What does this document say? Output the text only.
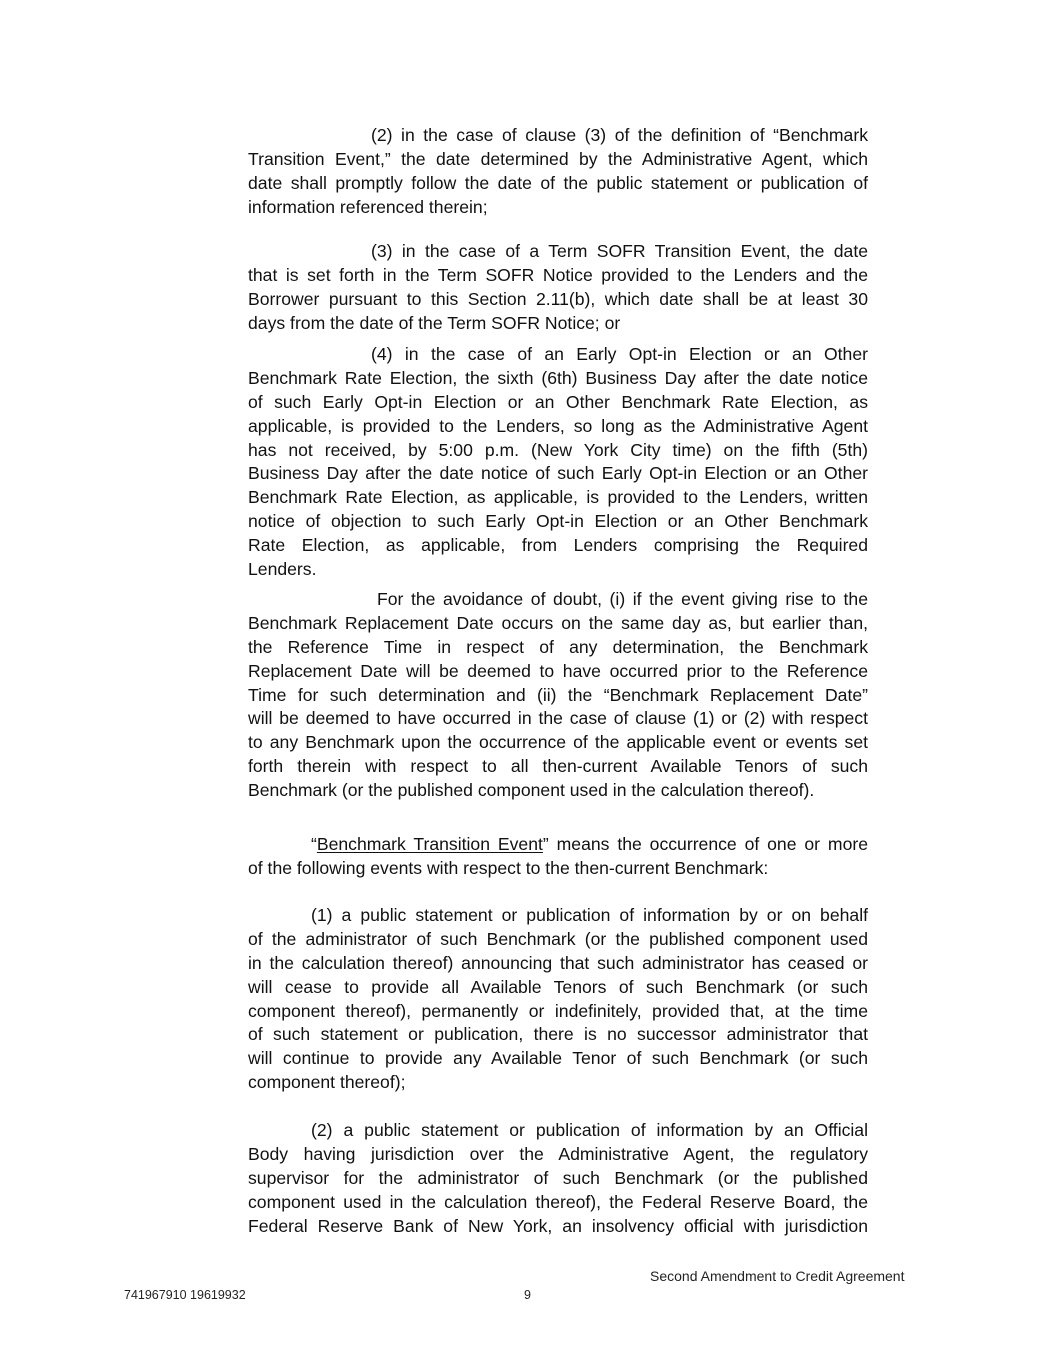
(2) in the case of clause (3) of the definition of “Benchmark
Transition Event,” the date determined by the Administrative Agent, which
date shall promptly follow the date of the public statement or publication of
information referenced therein;
(3) in the case of a Term SOFR Transition Event, the date
that is set forth in the Term SOFR Notice provided to the Lenders and the
Borrower pursuant to this Section 2.11(b), which date shall be at least 30
days from the date of the Term SOFR Notice; or
(4) in the case of an Early Opt-in Election or an Other
Benchmark Rate Election, the sixth (6th) Business Day after the date notice
of such Early Opt-in Election or an Other Benchmark Rate Election, as
applicable, is provided to the Lenders, so long as the Administrative Agent
has not received, by 5:00 p.m. (New York City time) on the fifth (5th)
Business Day after the date notice of such Early Opt-in Election or an Other
Benchmark Rate Election, as applicable, is provided to the Lenders, written
notice of objection to such Early Opt-in Election or an Other Benchmark
Rate Election, as applicable, from Lenders comprising the Required
Lenders.
For the avoidance of doubt, (i) if the event giving rise to the
Benchmark Replacement Date occurs on the same day as, but earlier than,
the Reference Time in respect of any determination, the Benchmark
Replacement Date will be deemed to have occurred prior to the Reference
Time for such determination and (ii) the “Benchmark Replacement Date”
will be deemed to have occurred in the case of clause (1) or (2) with respect
to any Benchmark upon the occurrence of the applicable event or events set
forth therein with respect to all then-current Available Tenors of such
Benchmark (or the published component used in the calculation thereof).
“Benchmark Transition Event” means the occurrence of one or more
of the following events with respect to the then-current Benchmark:
(1) a public statement or publication of information by or on behalf
of the administrator of such Benchmark (or the published component used
in the calculation thereof) announcing that such administrator has ceased or
will cease to provide all Available Tenors of such Benchmark (or such
component thereof), permanently or indefinitely, provided that, at the time
of such statement or publication, there is no successor administrator that
will continue to provide any Available Tenor of such Benchmark (or such
component thereof);
(2) a public statement or publication of information by an Official
Body having jurisdiction over the Administrative Agent, the regulatory
supervisor for the administrator of such Benchmark (or the published
component used in the calculation thereof), the Federal Reserve Board, the
Federal Reserve Bank of New York, an insolvency official with jurisdiction
Second Amendment to Credit Agreement
741967910 19619932	9
